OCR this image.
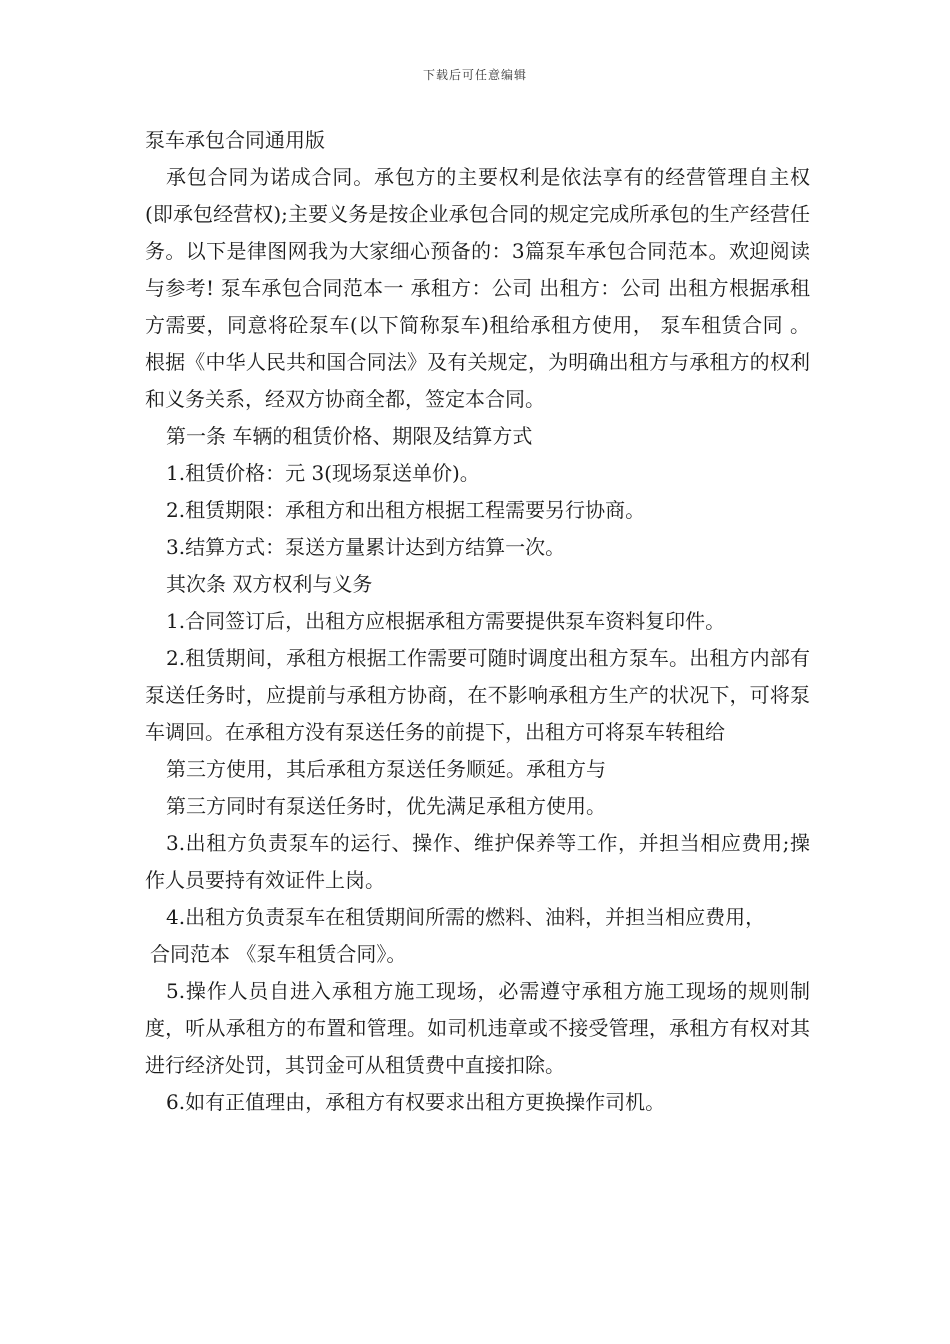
下载后可任意编辑
泵车承包合同通用版

承包合同为诺成合同。承包方的主要权利是依法享有的经营管理自主权(即承包经营权);主要义务是按企业承包合同的规定完成所承包的生产经营任务。以下是律图网我为大家细心预备的：3篇泵车承包合同范本。欢迎阅读与参考! 泵车承包合同范本一 承租方：公司 出租方：公司 出租方根据承租方需要，同意将砼泵车(以下简称泵车)租给承租方使用， 泵车租赁合同 。根据《中华人民共和国合同法》及有关规定，为明确出租方与承租方的权利和义务关系，经双方协商全都，签定本合同。

第一条 车辆的租赁价格、期限及结算方式

1.租赁价格：元 3(现场泵送单价)。

2.租赁期限：承租方和出租方根据工程需要另行协商。

3.结算方式：泵送方量累计达到方结算一次。

其次条 双方权利与义务

1.合同签订后，出租方应根据承租方需要提供泵车资料复印件。

2.租赁期间，承租方根据工作需要可随时调度出租方泵车。出租方内部有泵送任务时，应提前与承租方协商，在不影响承租方生产的状况下，可将泵车调回。在承租方没有泵送任务的前提下，出租方可将泵车转租给

第三方使用，其后承租方泵送任务顺延。承租方与

第三方同时有泵送任务时，优先满足承租方使用。

3.出租方负责泵车的运行、操作、维护保养等工作，并担当相应费用;操作人员要持有效证件上岗。

4.出租方负责泵车在租赁期间所需的燃料、油料，并担当相应费用，

合同范本 《泵车租赁合同》。

5.操作人员自进入承租方施工现场，必需遵守承租方施工现场的规则制度，听从承租方的布置和管理。如司机违章或不接受管理，承租方有权对其进行经济处罚，其罚金可从租赁费中直接扣除。

6.如有正值理由，承租方有权要求出租方更换操作司机。
